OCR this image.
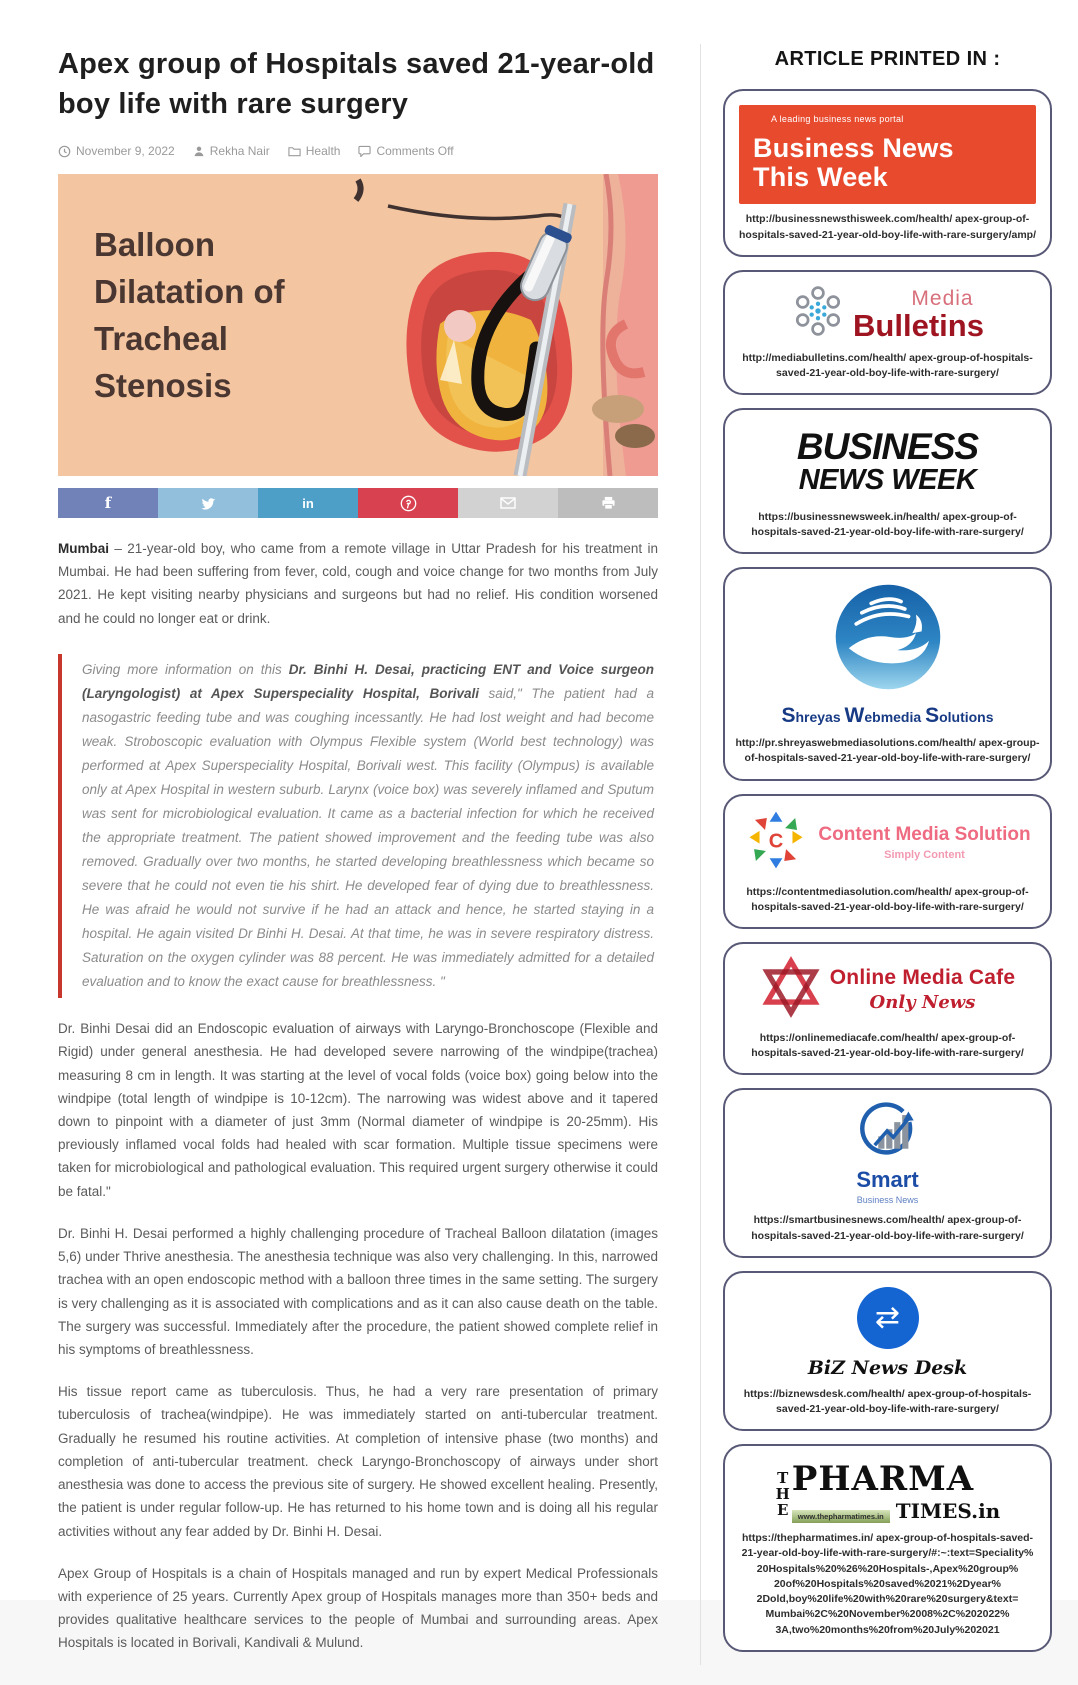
Apex group of Hospitals saved 21-year-old boy life with rare surgery
November 9, 2022	Rekha Nair	Health	Comments Off
Balloon
Dilatation of
Tracheal
Stenosis
f	in

Mumbai – 21-year-old boy, who came from a remote village in Uttar Pradesh for his treatment in Mumbai. He had been suffering from fever, cold, cough and voice change for two months from July 2021. He kept visiting nearby physicians and surgeons but had no relief. His condition worsened and he could no longer eat or drink.

Giving more information on this Dr. Binhi H. Desai, practicing ENT and Voice surgeon (Laryngologist) at Apex Superspeciality Hospital, Borivali said," The patient had a nasogastric feeding tube and was coughing incessantly. He had lost weight and had become weak. Stroboscopic evaluation with Olympus Flexible system (World best technology) was performed at Apex Superspeciality Hospital, Borivali west. This facility (Olympus) is available only at Apex Hospital in western suburb. Larynx (voice box) was severely inflamed and Sputum was sent for microbiological evaluation. It came as a bacterial infection for which he received the appropriate treatment. The patient showed improvement and the feeding tube was also removed. Gradually over two months, he started developing breathlessness which became so severe that he could not even tie his shirt. He developed fear of dying due to breathlessness. He was afraid he would not survive if he had an attack and hence, he started staying in a hospital. He again visited Dr Binhi H. Desai. At that time, he was in severe respiratory distress. Saturation on the oxygen cylinder was 88 percent. He was immediately admitted for a detailed evaluation and to know the exact cause for breathlessness. "

Dr. Binhi Desai did an Endoscopic evaluation of airways with Laryngo-Bronchoscope (Flexible and Rigid) under general anesthesia. He had developed severe narrowing of the windpipe(trachea) measuring 8 cm in length. It was starting at the level of vocal folds (voice box) going below into the windpipe (total length of windpipe is 10-12cm). The narrowing was widest above and it tapered down to pinpoint with a diameter of just 3mm (Normal diameter of windpipe is 20-25mm). His previously inflamed vocal folds had healed with scar formation. Multiple tissue specimens were taken for microbiological and pathological evaluation. This required urgent surgery otherwise it could be fatal."

Dr. Binhi H. Desai performed a highly challenging procedure of Tracheal Balloon dilatation (images 5,6) under Thrive anesthesia. The anesthesia technique was also very challenging. In this, narrowed trachea with an open endoscopic method with a balloon three times in the same setting. The surgery is very challenging as it is associated with complications and as it can also cause death on the table. The surgery was successful. Immediately after the procedure, the patient showed complete relief in his symptoms of breathlessness.

His tissue report came as tuberculosis. Thus, he had a very rare presentation of primary tuberculosis of trachea(windpipe). He was immediately started on anti-tubercular treatment. Gradually he resumed his routine activities. At completion of intensive phase (two months) and completion of anti-tubercular treatment. check Laryngo-Bronchoscopy of airways under short anesthesia was done to access the previous site of surgery. He showed excellent healing. Presently, the patient is under regular follow-up. He has returned to his home town and is doing all his regular activities without any fear added by Dr. Binhi H. Desai.

Apex Group of Hospitals is a chain of Hospitals managed and run by expert Medical Professionals with experience of 25 years. Currently Apex group of Hospitals manages more than 350+ beds and provides qualitative healthcare services to the people of Mumbai and surrounding areas. Apex Hospitals is located in Borivali, Kandivali & Mulund.

ARTICLE PRINTED IN :
A leading business news portal
Business News
This Week
http://businessnewsthisweek.com/health/ apex-group-of-hospitals-saved-21-year-old-boy-life-with-rare-surgery/amp/
Media
Bulletins
http://mediabulletins.com/health/ apex-group-of-hospitals-saved-21-year-old-boy-life-with-rare-surgery/
BUSINESS
NEWS WEEK
https://businessnewsweek.in/health/ apex-group-of-hospitals-saved-21-year-old-boy-life-with-rare-surgery/
Shreyas Webmedia Solutions
http://pr.shreyaswebmediasolutions.com/health/ apex-group-of-hospitals-saved-21-year-old-boy-life-with-rare-surgery/
C Content Media Solution
Simply Content
https://contentmediasolution.com/health/ apex-group-of-hospitals-saved-21-year-old-boy-life-with-rare-surgery/
Online Media Cafe
Only News
https://onlinemediacafe.com/health/ apex-group-of-hospitals-saved-21-year-old-boy-life-with-rare-surgery/
Smart
Business News
https://smartbusinesnews.com/health/ apex-group-of-hospitals-saved-21-year-old-boy-life-with-rare-surgery/
⇄
BiZ News Desk
https://biznewsdesk.com/health/ apex-group-of-hospitals-saved-21-year-old-boy-life-with-rare-surgery/
THE PHARMA
www.thepharmatimes.in TIMES.in
https://thepharmatimes.in/ apex-group-of-hospitals-saved-21-year-old-boy-life-with-rare-surgery/#:~:text=Speciality% 20Hospitals%20%26%20Hospitals-,Apex%20group% 20of%20Hospitals%20saved%2021%2Dyear% 2Dold,boy%20life%20with%20rare%20surgery&text= Mumbai%2C%20November%2008%2C%202022% 3A,two%20months%20from%20July%202021
